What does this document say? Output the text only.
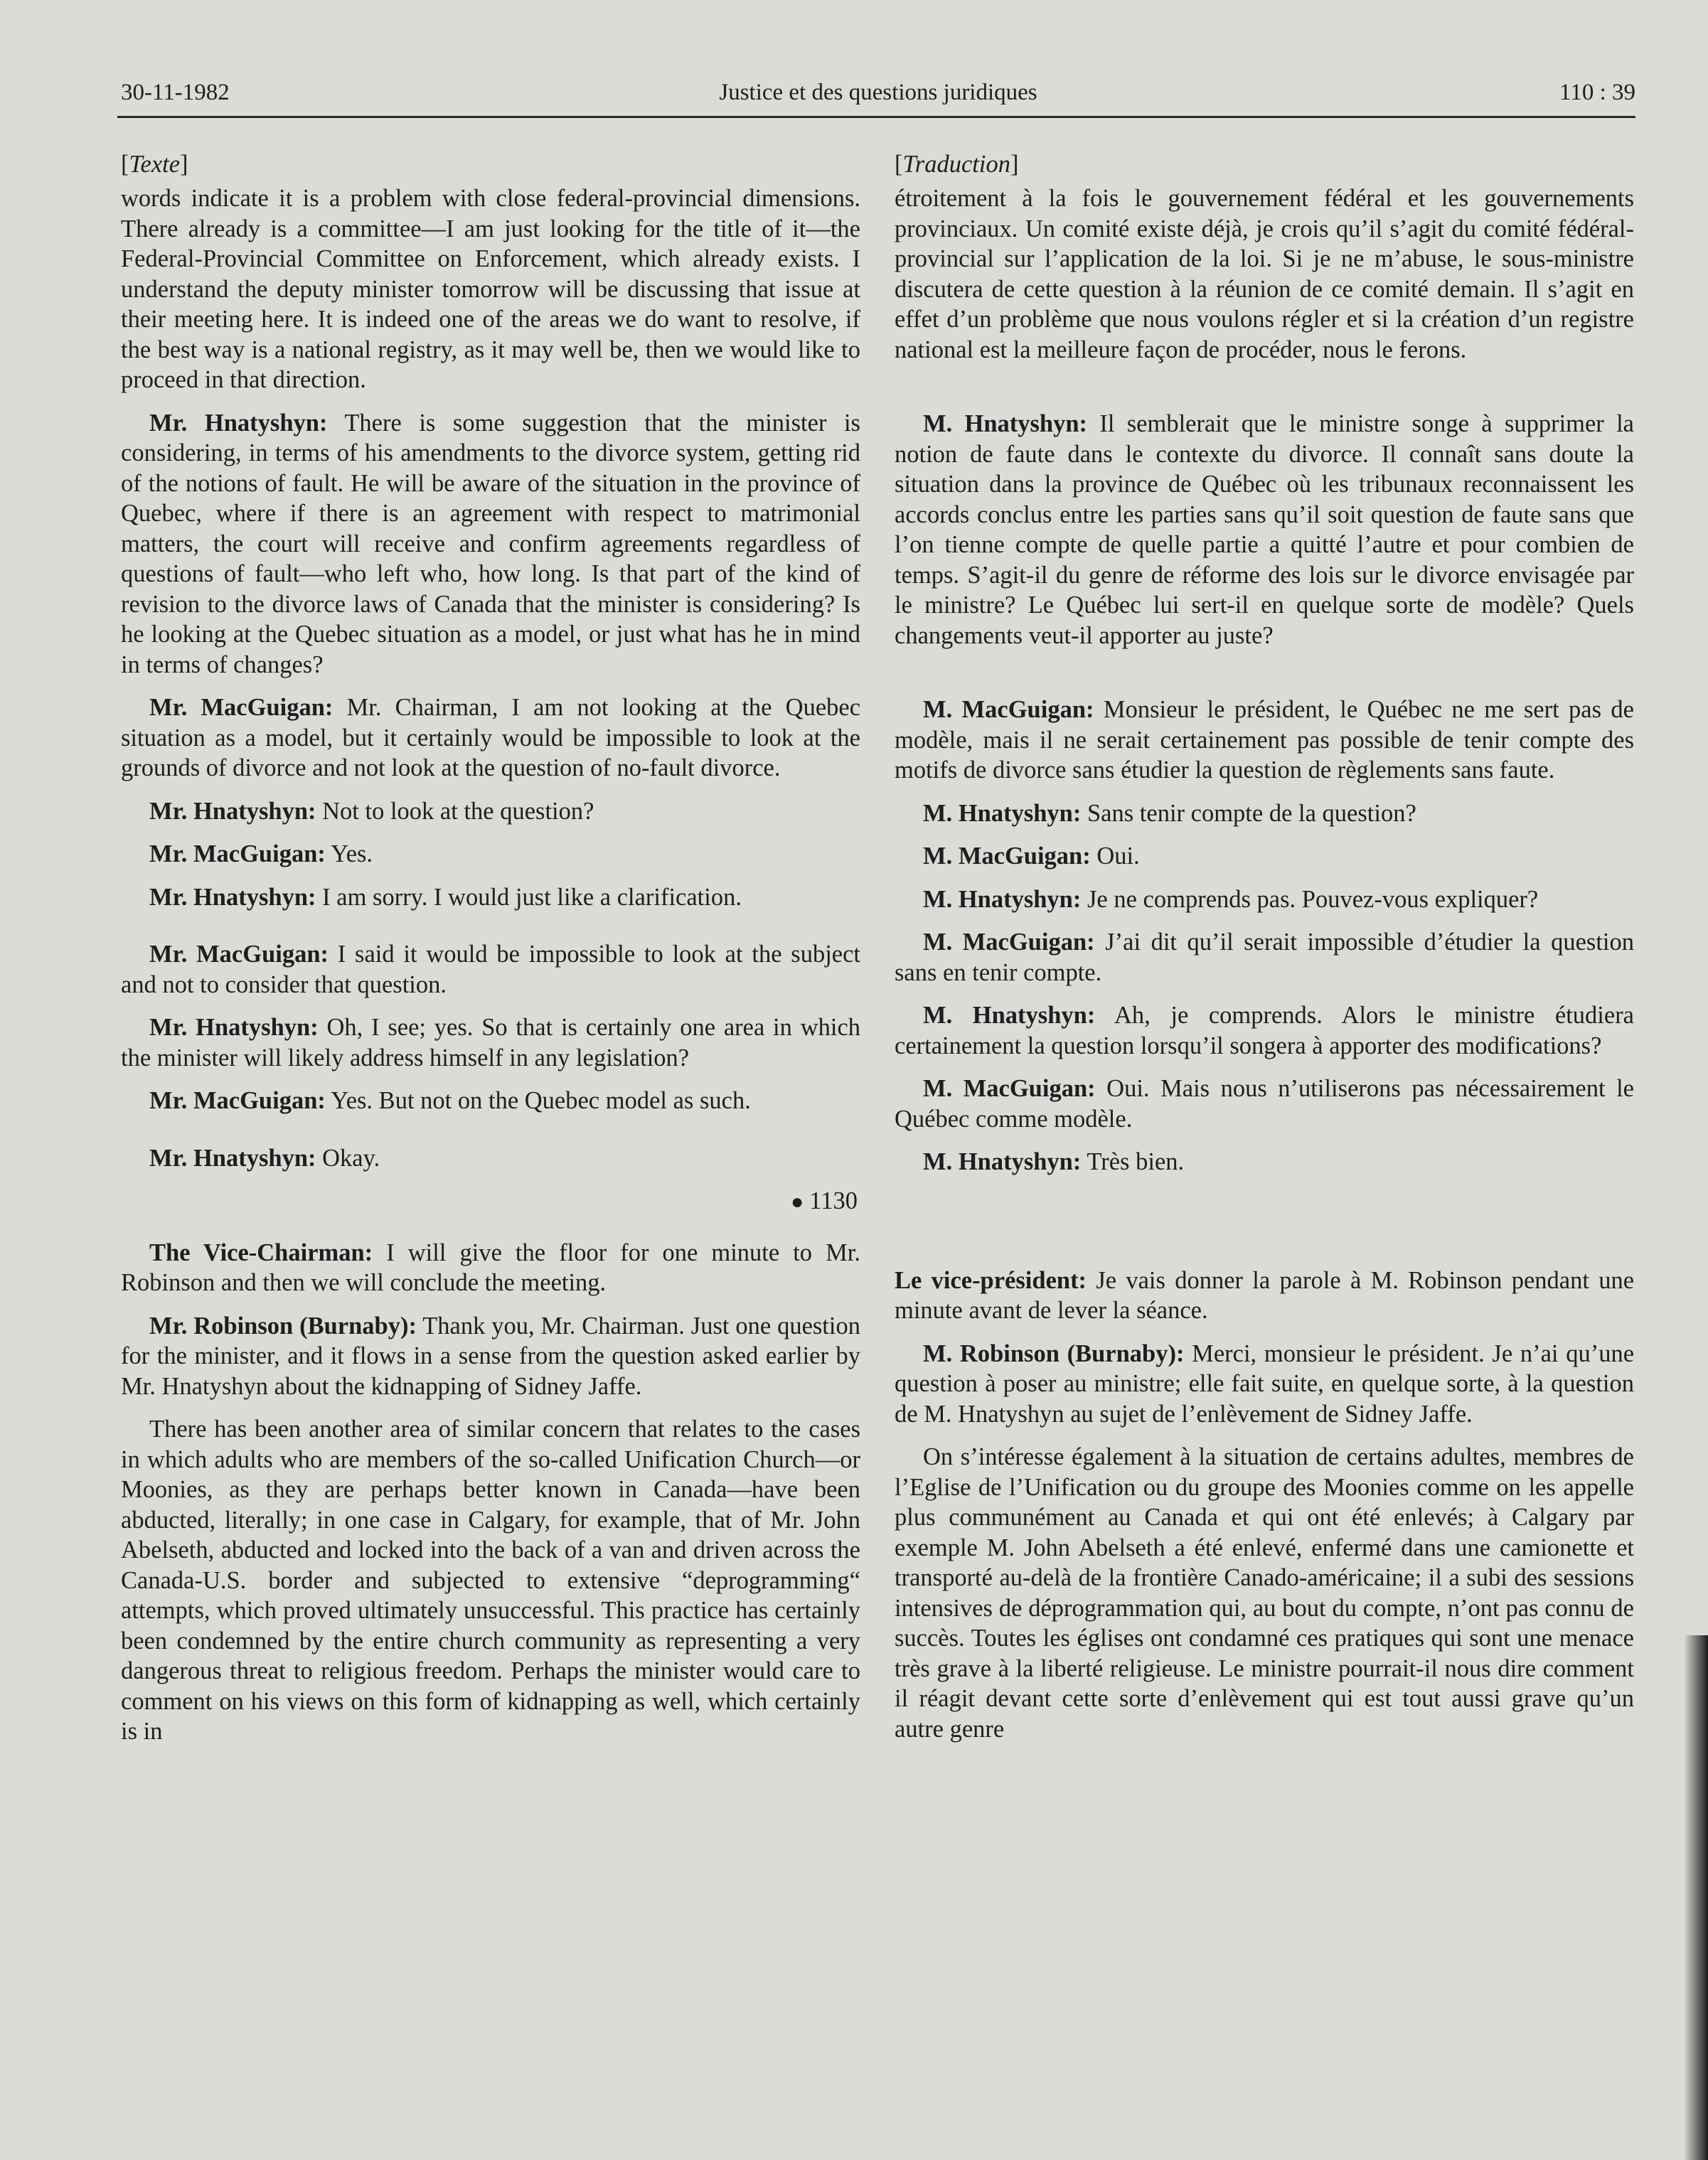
30-11-1982	Justice et des questions juridiques	110 : 39
[Texte]
words indicate it is a problem with close federal-provincial dimensions. There already is a committee—I am just looking for the title of it—the Federal-Provincial Committee on Enforcement, which already exists. I understand the deputy minister tomorrow will be discussing that issue at their meeting here. It is indeed one of the areas we do want to resolve, if the best way is a national registry, as it may well be, then we would like to proceed in that direction.
Mr. Hnatyshyn: There is some suggestion that the minister is considering, in terms of his amendments to the divorce system, getting rid of the notions of fault. He will be aware of the situation in the province of Quebec, where if there is an agreement with respect to matrimonial matters, the court will receive and confirm agreements regardless of questions of fault—who left who, how long. Is that part of the kind of revision to the divorce laws of Canada that the minister is considering? Is he looking at the Quebec situation as a model, or just what has he in mind in terms of changes?
Mr. MacGuigan: Mr. Chairman, I am not looking at the Quebec situation as a model, but it certainly would be impossible to look at the grounds of divorce and not look at the question of no-fault divorce.
Mr. Hnatyshyn: Not to look at the question?
Mr. MacGuigan: Yes.
Mr. Hnatyshyn: I am sorry. I would just like a clarification.
Mr. MacGuigan: I said it would be impossible to look at the subject and not to consider that question.
Mr. Hnatyshyn: Oh, I see; yes. So that is certainly one area in which the minister will likely address himself in any legislation?
Mr. MacGuigan: Yes. But not on the Quebec model as such.
Mr. Hnatyshyn: Okay.
● 1130
The Vice-Chairman: I will give the floor for one minute to Mr. Robinson and then we will conclude the meeting.
Mr. Robinson (Burnaby): Thank you, Mr. Chairman. Just one question for the minister, and it flows in a sense from the question asked earlier by Mr. Hnatyshyn about the kidnapping of Sidney Jaffe.
There has been another area of similar concern that relates to the cases in which adults who are members of the so-called Unification Church—or Moonies, as they are perhaps better known in Canada—have been abducted, literally; in one case in Calgary, for example, that of Mr. John Abelseth, abducted and locked into the back of a van and driven across the Canada-U.S. border and subjected to extensive “deprogramming“ attempts, which proved ultimately unsuccessful. This practice has certainly been condemned by the entire church community as representing a very dangerous threat to religious freedom. Perhaps the minister would care to comment on his views on this form of kidnapping as well, which certainly is in
[Traduction]
étroitement à la fois le gouvernement fédéral et les gouvernements provinciaux. Un comité existe déjà, je crois qu’il s’agit du comité fédéral-provincial sur l’application de la loi. Si je ne m’abuse, le sous-ministre discutera de cette question à la réunion de ce comité demain. Il s’agit en effet d’un problème que nous voulons régler et si la création d’un registre national est la meilleure façon de procéder, nous le ferons.
M. Hnatyshyn: Il semblerait que le ministre songe à supprimer la notion de faute dans le contexte du divorce. Il connaît sans doute la situation dans la province de Québec où les tribunaux reconnaissent les accords conclus entre les parties sans qu’il soit question de faute sans que l’on tienne compte de quelle partie a quitté l’autre et pour combien de temps. S’agit-il du genre de réforme des lois sur le divorce envisagée par le ministre? Le Québec lui sert-il en quelque sorte de modèle? Quels changements veut-il apporter au juste?
M. MacGuigan: Monsieur le président, le Québec ne me sert pas de modèle, mais il ne serait certainement pas possible de tenir compte des motifs de divorce sans étudier la question de règlements sans faute.
M. Hnatyshyn: Sans tenir compte de la question?
M. MacGuigan: Oui.
M. Hnatyshyn: Je ne comprends pas. Pouvez-vous expliquer?
M. MacGuigan: J’ai dit qu’il serait impossible d’étudier la question sans en tenir compte.
M. Hnatyshyn: Ah, je comprends. Alors le ministre étudiera certainement la question lorsqu’il songera à apporter des modifications?
M. MacGuigan: Oui. Mais nous n’utiliserons pas nécessairement le Québec comme modèle.
M. Hnatyshyn: Très bien.
Le vice-président: Je vais donner la parole à M. Robinson pendant une minute avant de lever la séance.
M. Robinson (Burnaby): Merci, monsieur le président. Je n’ai qu’une question à poser au ministre; elle fait suite, en quelque sorte, à la question de M. Hnatyshyn au sujet de l’enlèvement de Sidney Jaffe.
On s’intéresse également à la situation de certains adultes, membres de l’Eglise de l’Unification ou du groupe des Moonies comme on les appelle plus communément au Canada et qui ont été enlevés; à Calgary par exemple M. John Abelseth a été enlevé, enfermé dans une camionette et transporté au-delà de la frontière Canado-américaine; il a subi des sessions intensives de déprogrammation qui, au bout du compte, n’ont pas connu de succès. Toutes les églises ont condamné ces pratiques qui sont une menace très grave à la liberté religieuse. Le ministre pourrait-il nous dire comment il réagit devant cette sorte d’enlèvement qui est tout aussi grave qu’un autre genre
